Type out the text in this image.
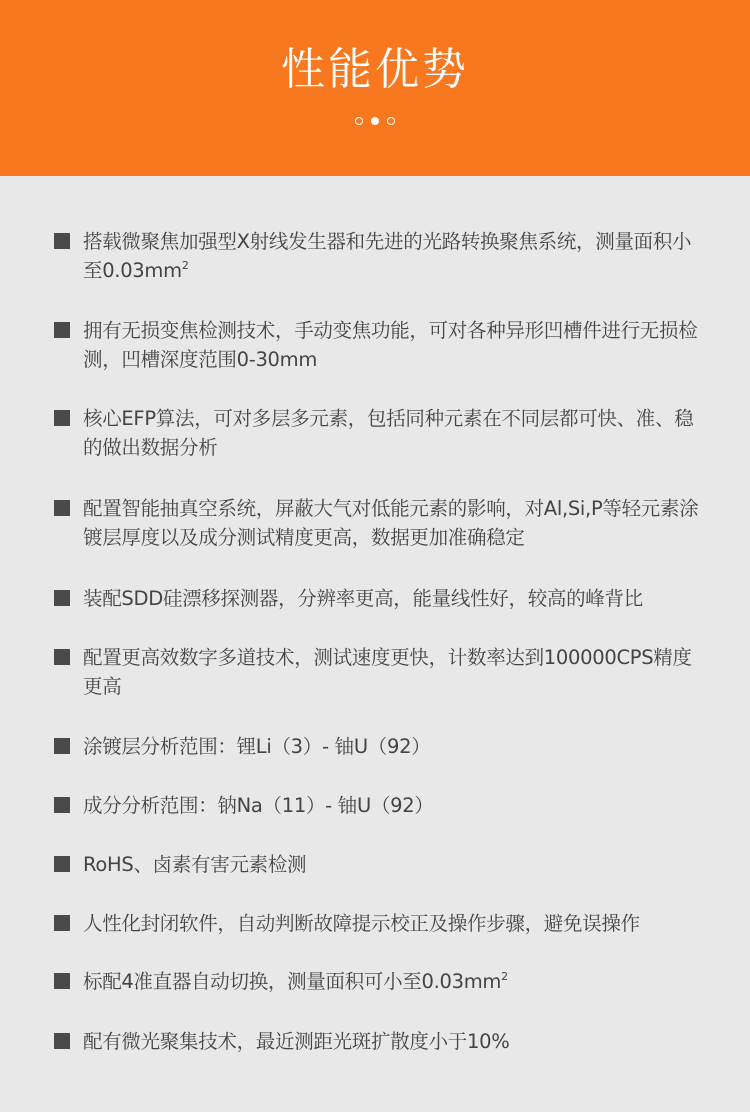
性能优势
搭载微聚焦加强型X射线发生器和先进的光路转换聚焦系统，测量面积小至$0.03mm^2$
拥有无损变焦检测技术，手动变焦功能，可对各种异形凹槽件进行无损检测，凹槽深度范围0-30mm
核心EFP算法，可对多层多元素，包括同种元素在不同层都可快、准、稳的做出数据分析
配置智能抽真空系统，屏蔽大气对低能元素的影响，对Al,Si,P等轻元素涂镀层厚度以及成分测试精度更高，数据更加准确稳定
装配SDD硅漂移探测器，分辨率更高，能量线性好，较高的峰背比
配置更高效数字多道技术，测试速度更快，计数率达到100000CPS精度更高
涂镀层分析范围：锂Li（3）- 铀U（92）
成分分析范围：钠Na（11）- 铀U（92）
RoHS、卤素有害元素检测
人性化封闭软件，自动判断故障提示校正及操作步骤，避免误操作
标配4准直器自动切换，测量面积可小至$0.03mm^2$
配有微光聚集技术，最近测距光斑扩散度小于10%
